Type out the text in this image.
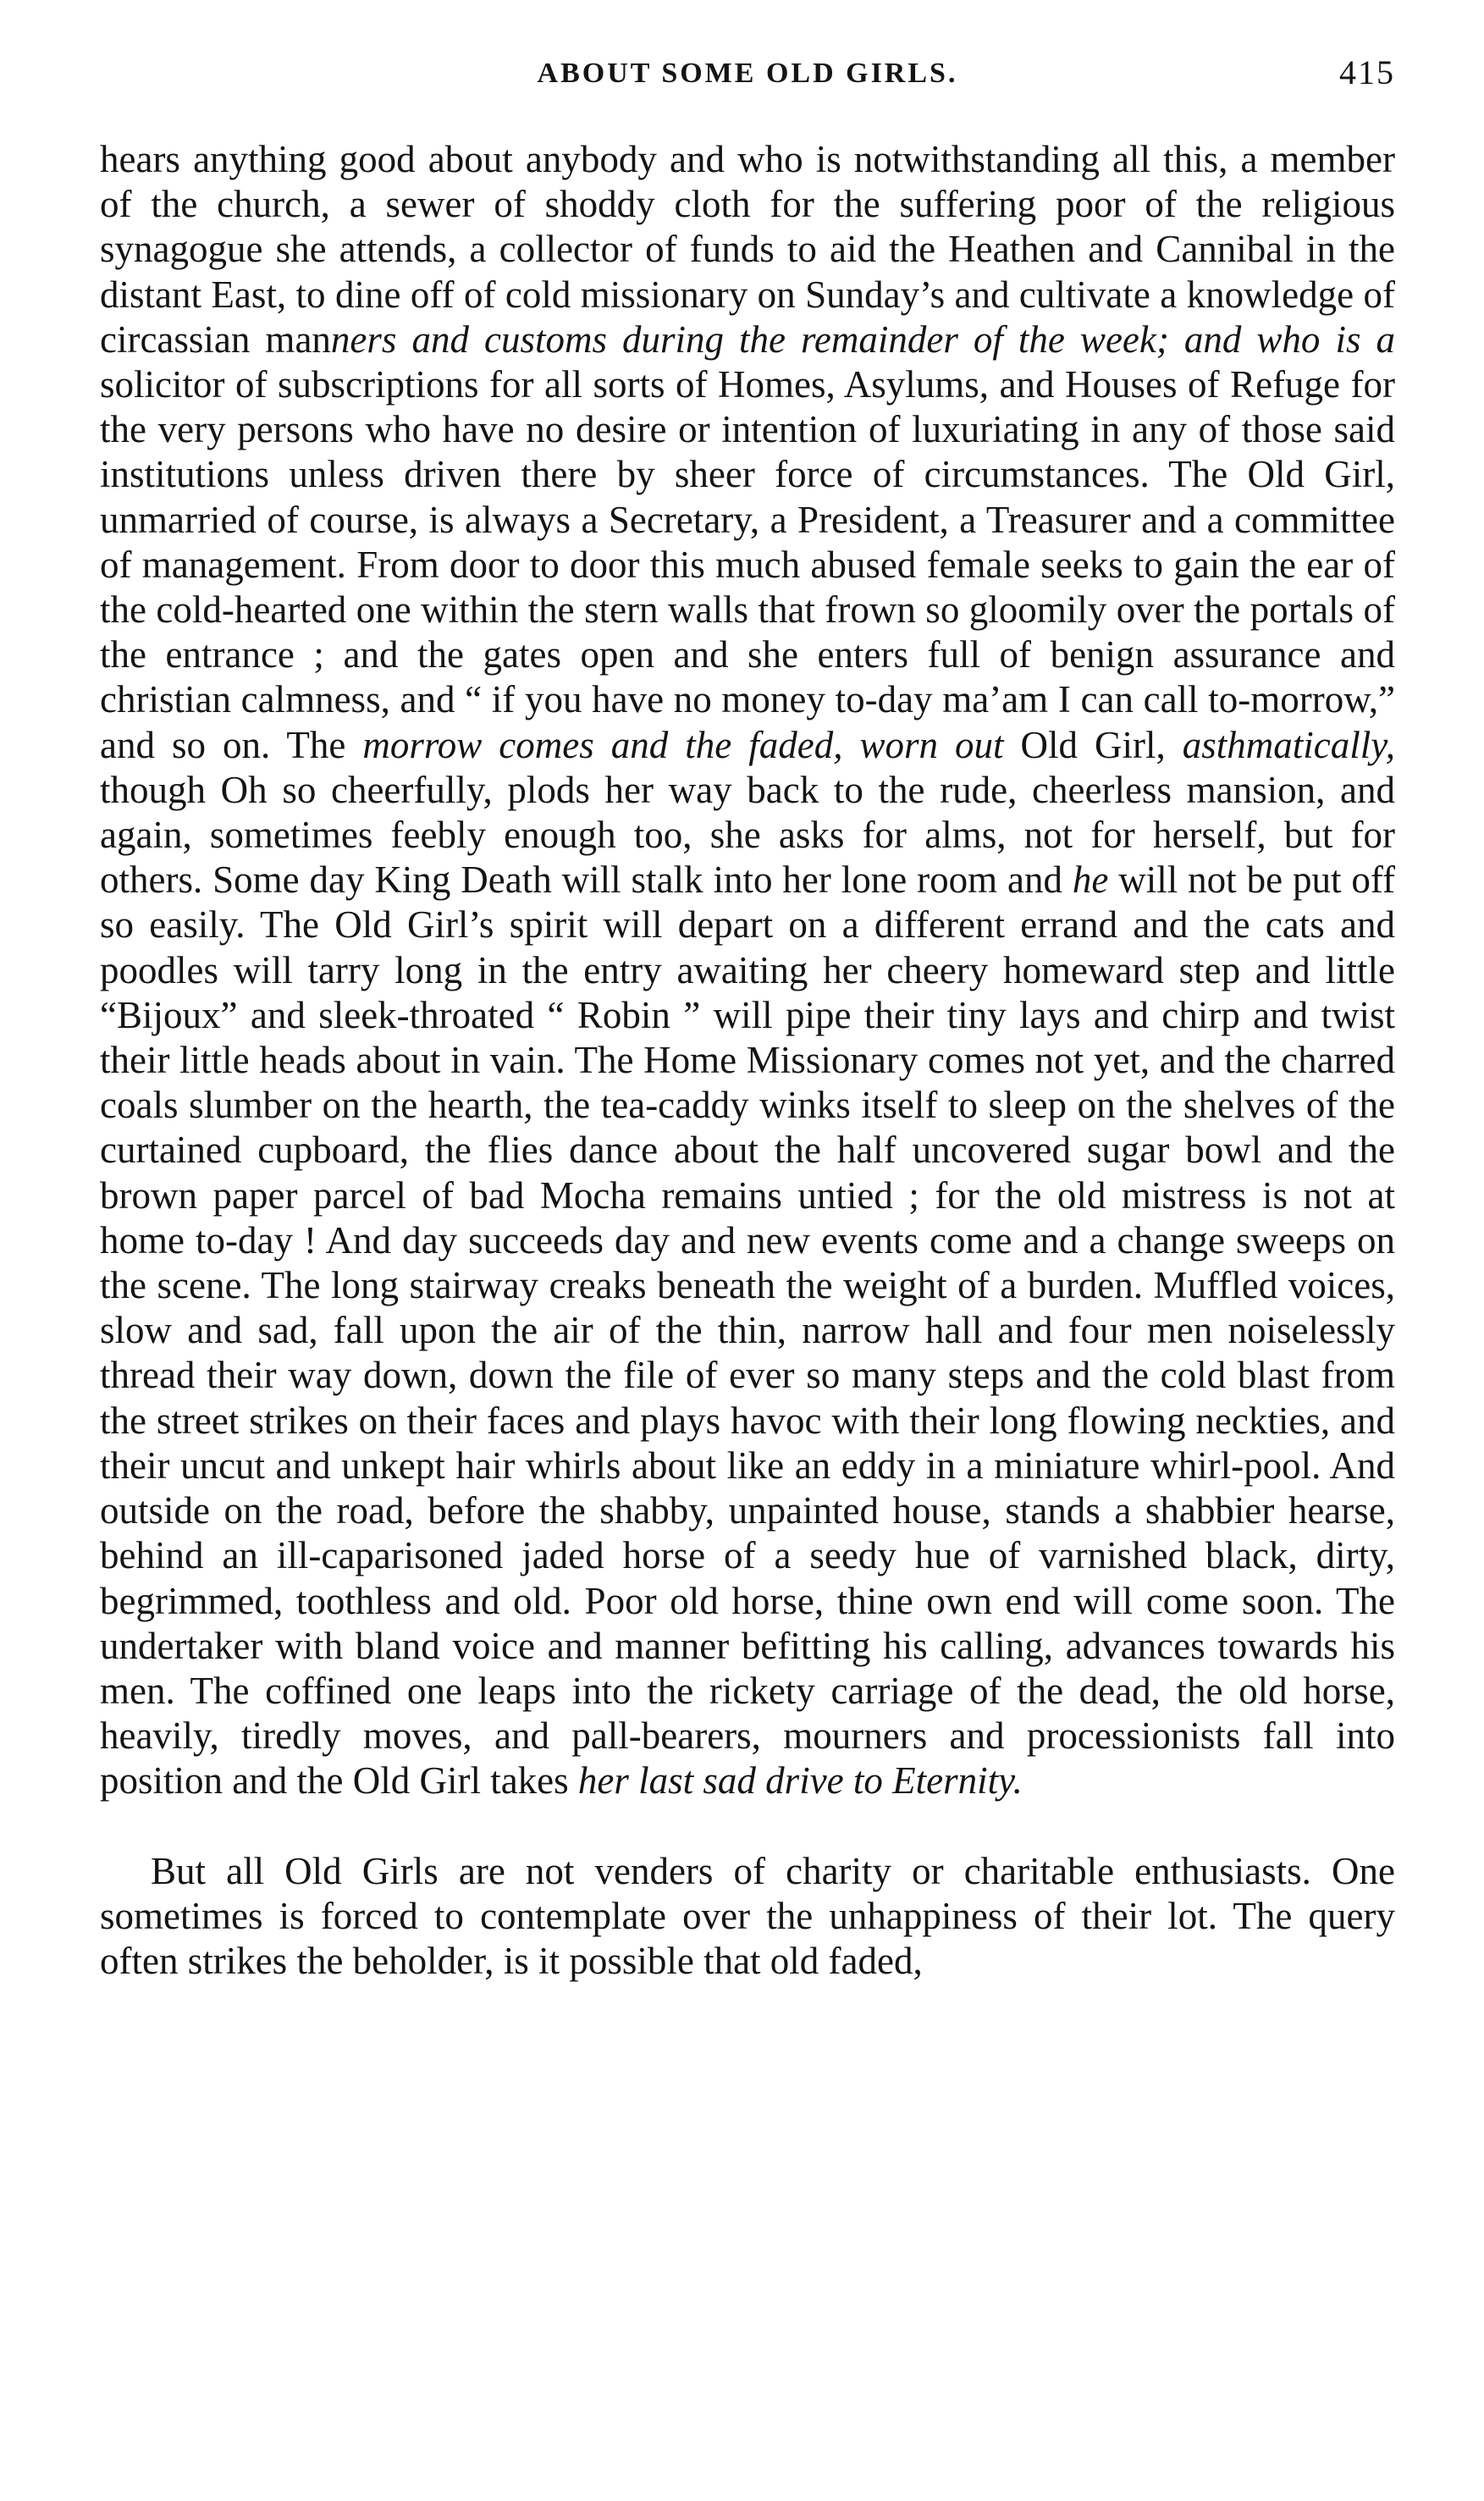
ABOUT SOME OLD GIRLS.	415

hears anything good about anybody and who is notwithstanding all this, a member of the church, a sewer of shoddy cloth for the suffering poor of the religious synagogue she attends, a collector of funds to aid the Heathen and Cannibal in the distant East, to dine off of cold missionary on Sunday’s and cultivate a knowledge of circassian manners and customs during the remainder of the week; and who is a solicitor of subscriptions for all sorts of Homes, Asylums, and Houses of Refuge for the very persons who have no desire or intention of luxuriating in any of those said institutions unless driven there by sheer force of circumstances. The Old Girl, unmarried of course, is always a Secretary, a President, a Treasurer and a committee of management. From door to door this much abused female seeks to gain the ear of the cold-hearted one within the stern walls that frown so gloomily over the portals of the entrance ; and the gates open and she enters full of benign assurance and christian calmness, and “ if you have no money to-day ma’am I can call to-morrow,” and so on. The morrow comes and the faded, worn out Old Girl, asthmatically, though Oh so cheerfully, plods her way back to the rude, cheerless mansion, and again, sometimes feebly enough too, she asks for alms, not for herself, but for others. Some day King Death will stalk into her lone room and he will not be put off so easily. The Old Girl’s spirit will depart on a different errand and the cats and poodles will tarry long in the entry awaiting her cheery homeward step and little “Bijoux” and sleek-throated “ Robin ” will pipe their tiny lays and chirp and twist their little heads about in vain. The Home Missionary comes not yet, and the charred coals slumber on the hearth, the tea-caddy winks itself to sleep on the shelves of the curtained cupboard, the flies dance about the half uncovered sugar bowl and the brown paper parcel of bad Mocha remains untied ; for the old mistress is not at home to-day ! And day succeeds day and new events come and a change sweeps on the scene. The long stairway creaks beneath the weight of a burden. Muffled voices, slow and sad, fall upon the air of the thin, narrow hall and four men noiselessly thread their way down, down the file of ever so many steps and the cold blast from the street strikes on their faces and plays havoc with their long flowing neckties, and their uncut and unkept hair whirls about like an eddy in a miniature whirl-pool. And outside on the road, before the shabby, unpainted house, stands a shabbier hearse, behind an ill-caparisoned jaded horse of a seedy hue of varnished black, dirty, begrimmed, toothless and old. Poor old horse, thine own end will come soon. The undertaker with bland voice and manner befitting his calling, advances towards his men. The coffined one leaps into the rickety carriage of the dead, the old horse, heavily, tiredly moves, and pall-bearers, mourners and processionists fall into position and the Old Girl takes her last sad drive to Eternity.

But all Old Girls are not venders of charity or charitable enthusiasts. One sometimes is forced to contemplate over the unhappiness of their lot. The query often strikes the beholder, is it possible that old faded,
